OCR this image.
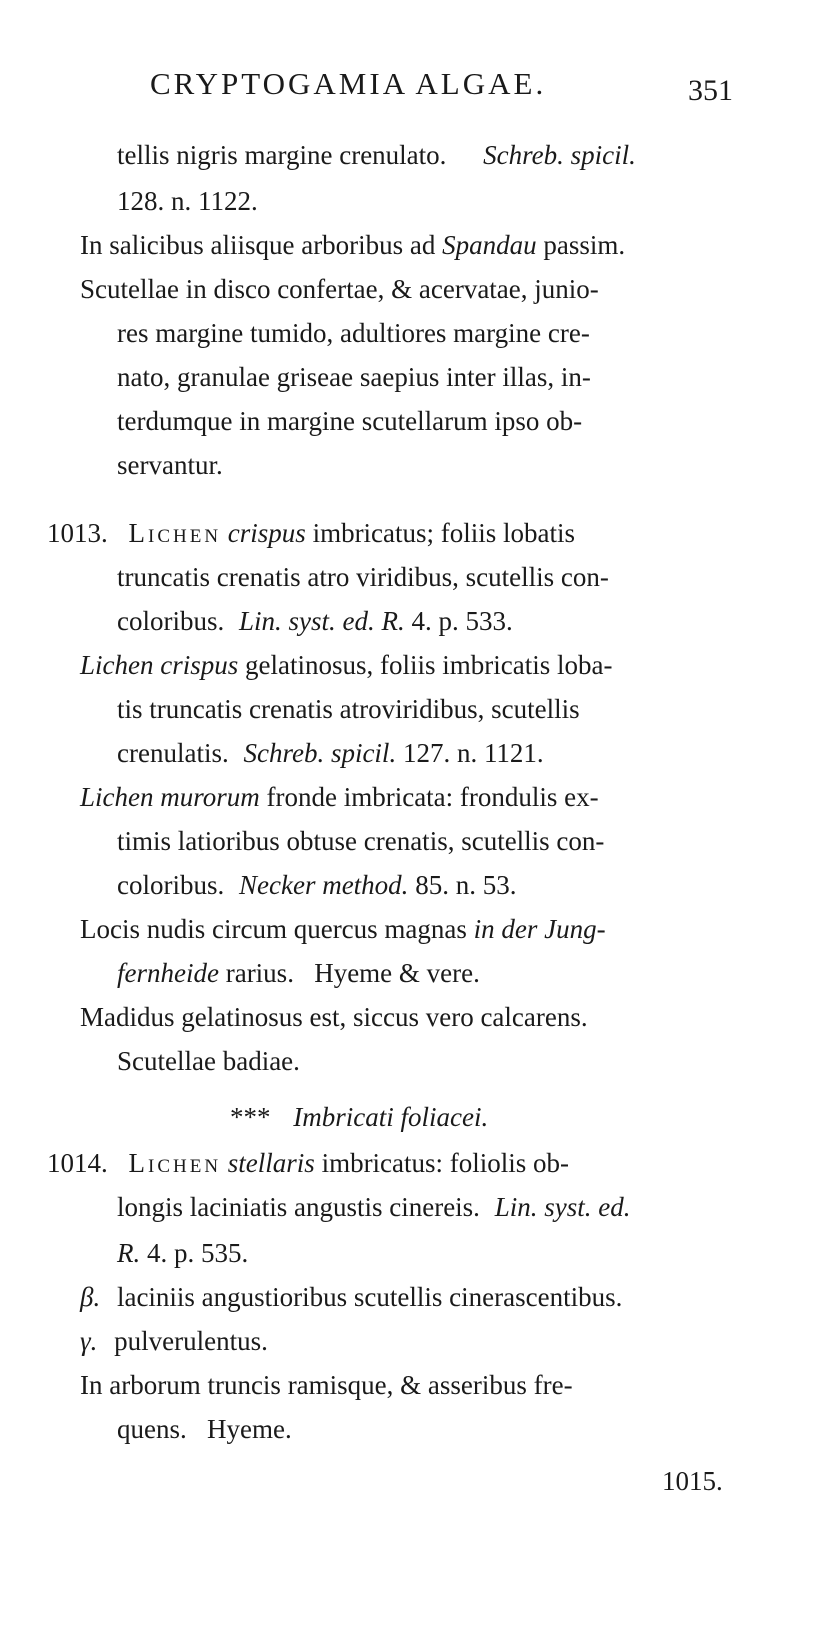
CRYPTOGAMIA ALGAE.	351
tellis nigris margine crenulato. Schreb. spicil.
128. n. 1122.
In salicibus aliisque arboribus ad Spandau passim.
Scutellae in disco confertae, & acervatae, junio-
res margine tumido, adultiores margine cre-
nato, granulae griseae saepius inter illas, in-
terdumque in margine scutellarum ipso ob-
servantur.
1013. Lichen crispus imbricatus; foliis lobatis
truncatis crenatis atro viridibus, scutellis con-
coloribus. Lin. syst. ed. R. 4. p. 533.
Lichen crispus gelatinosus, foliis imbricatis loba-
tis truncatis crenatis atroviridibus, scutellis
crenulatis. Schreb. spicil. 127. n. 1121.
Lichen murorum fronde imbricata: frondulis ex-
timis latioribus obtuse crenatis, scutellis con-
coloribus. Necker method. 85. n. 53.
Locis nudis circum quercus magnas in der Jung-
fernheide rarius.   Hyeme & vere.
Madidus gelatinosus est, siccus vero calcarens.
Scutellae badiae.
*** Imbricati foliacei.
1014. Lichen stellaris imbricatus: foliolis ob-
longis laciniatis angustis cinereis. Lin. syst. ed.
R. 4. p. 535.
β. laciniis angustioribus scutellis cinerascentibus.
γ. pulverulentus.
In arborum truncis ramisque, & asseribus fre-
quens.   Hyeme.
1015.
